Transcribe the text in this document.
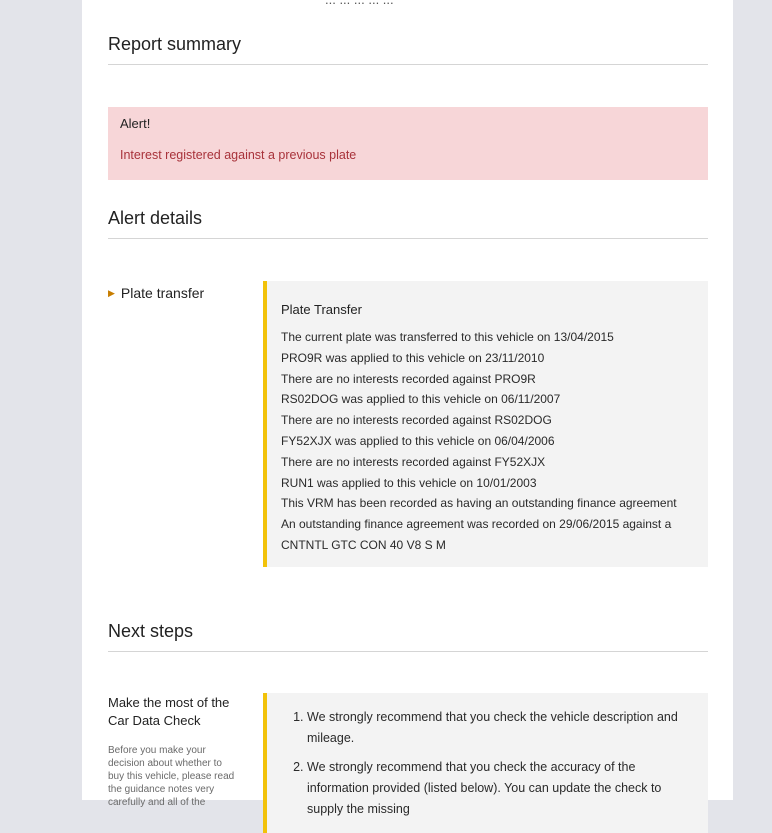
Report summary
Alert!
Interest registered against a previous plate
Alert details
▶ Plate transfer
Plate Transfer
The current plate was transferred to this vehicle on 13/04/2015
PRO9R was applied to this vehicle on 23/11/2010
There are no interests recorded against PRO9R
RS02DOG was applied to this vehicle on 06/11/2007
There are no interests recorded against RS02DOG
FY52XJX was applied to this vehicle on 06/04/2006
There are no interests recorded against FY52XJX
RUN1 was applied to this vehicle on 10/01/2003
This VRM has been recorded as having an outstanding finance agreement
An outstanding finance agreement was recorded on 29/06/2015 against a
CNTNTL GTC CON 40 V8 S M
Next steps
Make the most of the Car Data Check
Before you make your decision about whether to buy this vehicle, please read the guidance notes very carefully and all of the
1. We strongly recommend that you check the vehicle description and mileage.
2. We strongly recommend that you check the accuracy of the information provided (listed below). You can update the check to supply the missing
